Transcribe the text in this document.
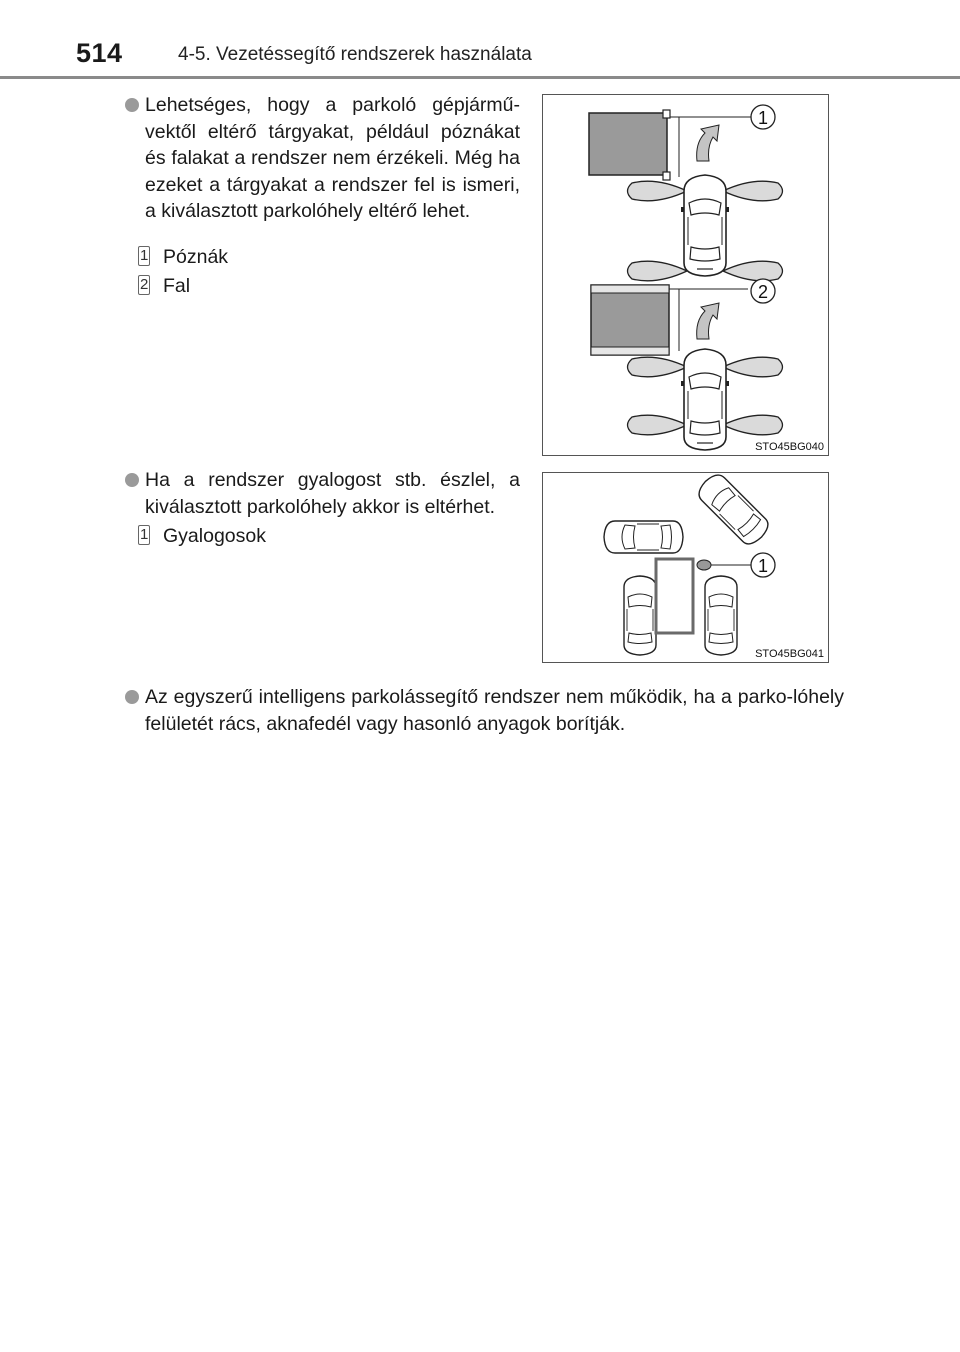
514	4-5. Vezetéssegítő rendszerek használata
Lehetséges, hogy a parkoló gépjármű-vektől eltérő tárgyakat, például póznákat és falakat a rendszer nem érzékeli. Még ha ezeket a tárgyakat a rendszer fel is ismeri, a kiválasztott parkolóhely eltérő lehet.
1 Póznák
2 Fal
1
2
STO45BG040
Ha a rendszer gyalogost stb. észlel, a kiválasztott parkolóhely akkor is eltérhet.
1 Gyalogosok
1
STO45BG041
Az egyszerű intelligens parkolássegítő rendszer nem működik, ha a parko-lóhely felületét rács, aknafedél vagy hasonló anyagok borítják.
